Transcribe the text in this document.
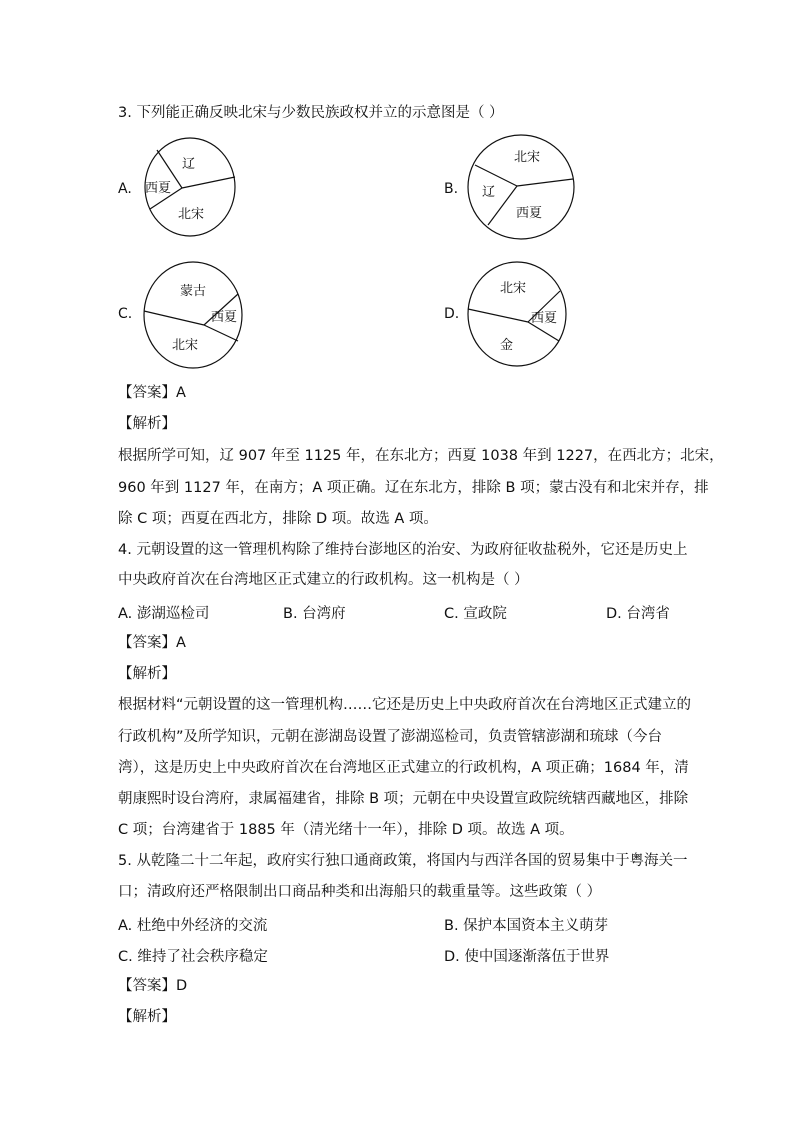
3. 下列能正确反映北宋与少数民族政权并立的示意图是（ ）
A.
辽
西夏
北宋
B.
北宋
辽
西夏
C.
蒙古
西夏
北宋
D.
北宋
西夏
金
【答案】A
【解析】
根据所学可知，辽 907 年至 1125 年，在东北方；西夏 1038 年到 1227，在西北方；北宋，
960 年到 1127 年，在南方；A 项正确。辽在东北方，排除 B 项；蒙古没有和北宋并存，排
除 C 项；西夏在西北方，排除 D 项。故选 A 项。
4. 元朝设置的这一管理机构除了维持台澎地区的治安、为政府征收盐税外，它还是历史上
中央政府首次在台湾地区正式建立的行政机构。这一机构是（ ）
A. 澎湖巡检司	B. 台湾府	C. 宣政院	D. 台湾省
【答案】A
【解析】
根据材料“元朝设置的这一管理机构……它还是历史上中央政府首次在台湾地区正式建立的
行政机构”及所学知识，元朝在澎湖岛设置了澎湖巡检司，负责管辖澎湖和琉球（今台
湾），这是历史上中央政府首次在台湾地区正式建立的行政机构，A 项正确；1684 年，清
朝康熙时设台湾府，隶属福建省，排除 B 项；元朝在中央设置宣政院统辖西藏地区，排除
C 项；台湾建省于 1885 年（清光绪十一年），排除 D 项。故选 A 项。
5. 从乾隆二十二年起，政府实行独口通商政策，将国内与西洋各国的贸易集中于粤海关一
口；清政府还严格限制出口商品种类和出海船只的载重量等。这些政策（ ）
A. 杜绝中外经济的交流	B. 保护本国资本主义萌芽
C. 维持了社会秩序稳定	D. 使中国逐渐落伍于世界
【答案】D
【解析】
